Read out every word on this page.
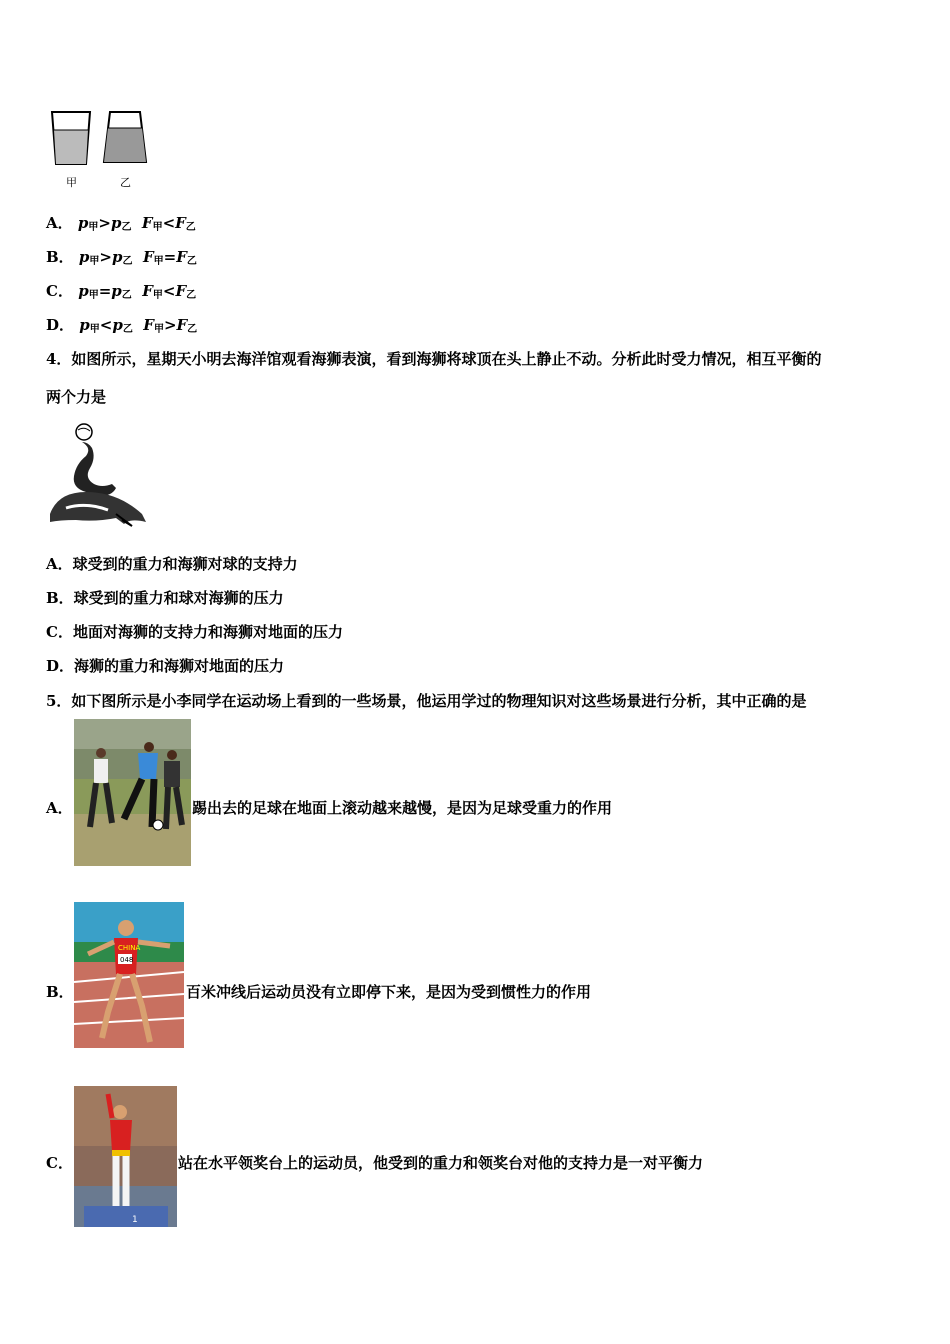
甲	乙
A． $p_甲>p_乙$ $F_甲<F_乙$
B． $p_甲>p_乙$ $F_甲=F_乙$
C． $p_甲=p_乙$ $F_甲<F_乙$
D． $p_甲<p_乙$ $F_甲>F_乙$
4．如图所示，星期天小明去海洋馆观看海狮表演，看到海狮将球顶在头上静止不动。分析此时受力情况，相互平衡的
两个力是
A．球受到的重力和海狮对球的支持力
B．球受到的重力和球对海狮的压力
C．地面对海狮的支持力和海狮对地面的压力
D．海狮的重力和海狮对地面的压力
5．如下图所示是小李同学在运动场上看到的一些场景，他运用学过的物理知识对这些场景进行分析，其中正确的是
A．	踢出去的足球在地面上滚动越来越慢，是因为足球受重力的作用
B．
CHINA
048
百米冲线后运动员没有立即停下来，是因为受到惯性力的作用
C．
1
站在水平领奖台上的运动员，他受到的重力和领奖台对他的支持力是一对平衡力
